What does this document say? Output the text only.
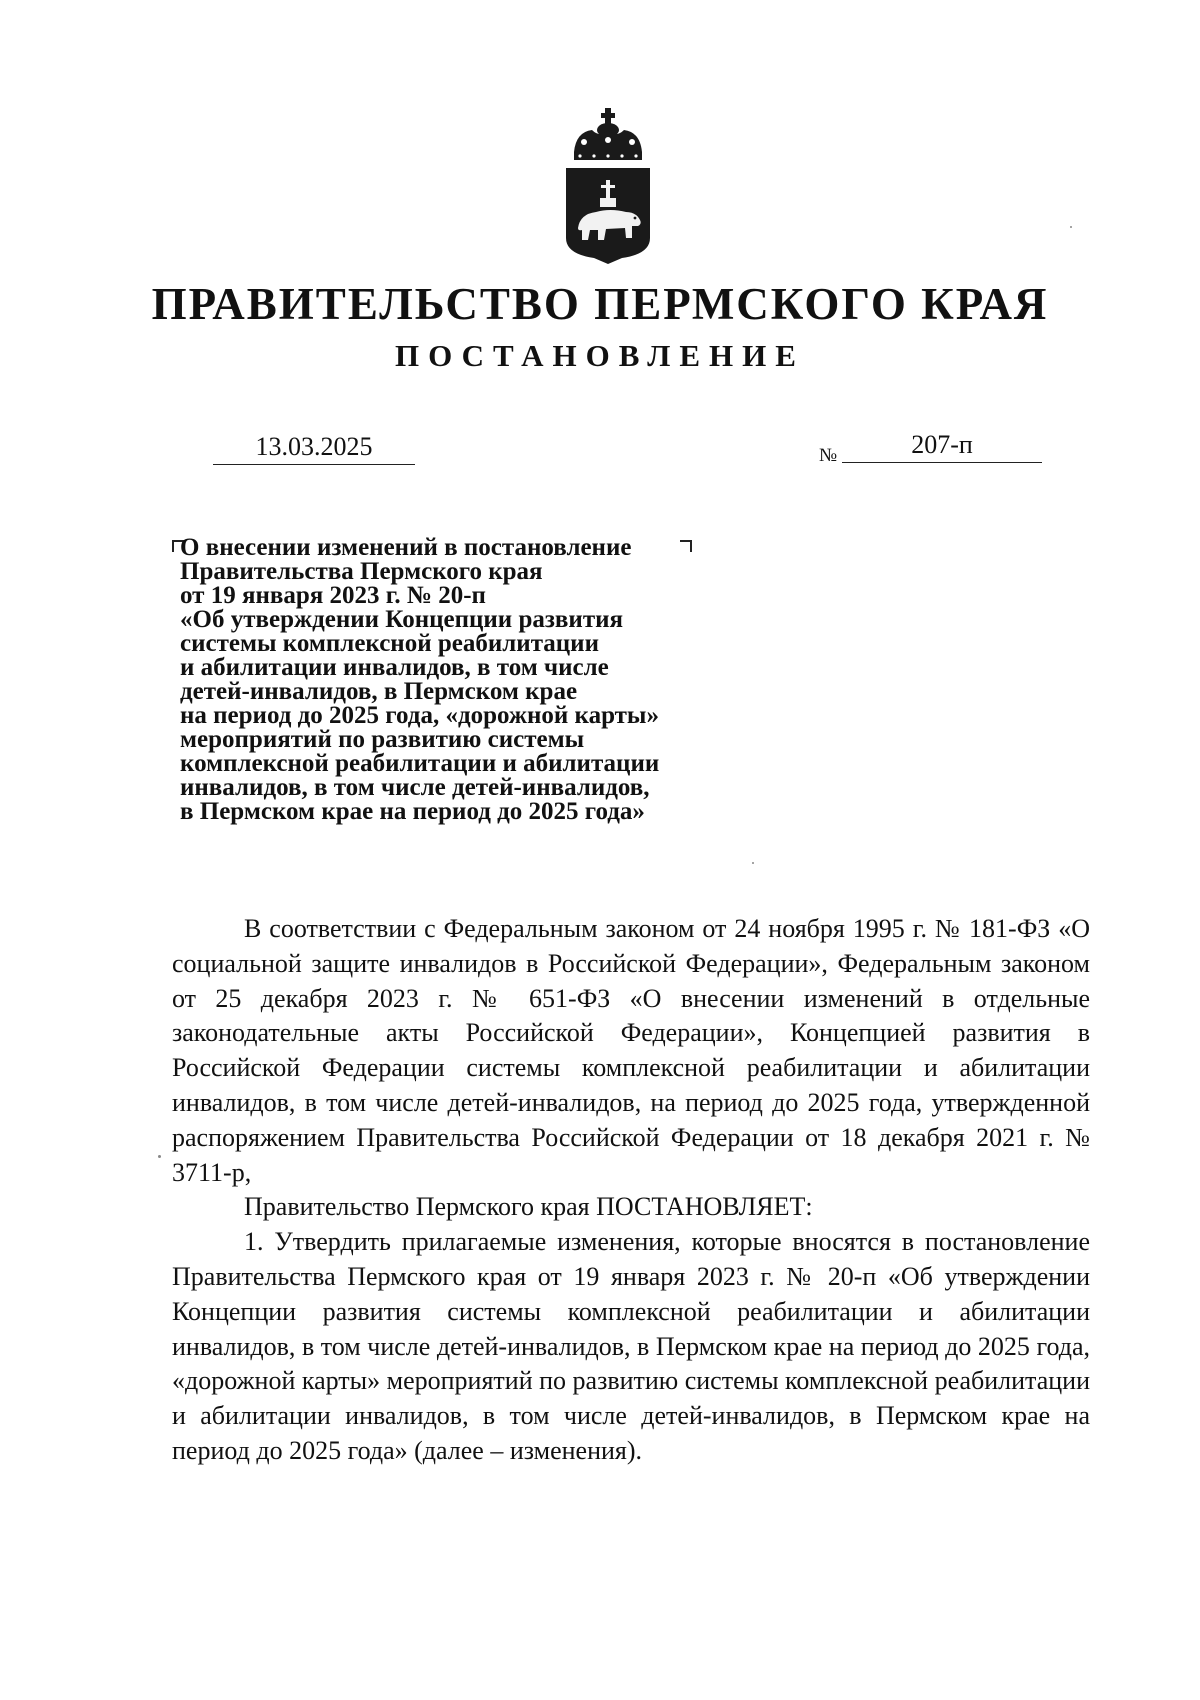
ПРАВИТЕЛЬСТВО ПЕРМСКОГО КРАЯ
ПОСТАНОВЛЕНИЕ
13.03.2025	№	207-п
О внесении изменений в постановление
Правительства Пермского края
от 19 января 2023 г. № 20-п
«Об утверждении Концепции развития
системы комплексной реабилитации
и абилитации инвалидов, в том числе
детей-инвалидов, в Пермском крае
на период до 2025 года, «дорожной карты»
мероприятий по развитию системы
комплексной реабилитации и абилитации
инвалидов, в том числе детей-инвалидов,
в Пермском крае на период до 2025 года»

В соответствии с Федеральным законом от 24 ноября 1995 г. № 181-ФЗ «О социальной защите инвалидов в Российской Федерации», Федеральным законом от 25 декабря 2023 г. № 651-ФЗ «О внесении изменений в отдельные законодательные акты Российской Федерации», Концепцией развития в Российской Федерации системы комплексной реабилитации и абилитации инвалидов, в том числе детей-инвалидов, на период до 2025 года, утвержденной распоряжением Правительства Российской Федерации от 18 декабря 2021 г. № 3711-р,

Правительство Пермского края ПОСТАНОВЛЯЕТ:

1. Утвердить прилагаемые изменения, которые вносятся в постановление Правительства Пермского края от 19 января 2023 г. № 20-п «Об утверждении Концепции развития системы комплексной реабилитации и абилитации инвалидов, в том числе детей-инвалидов, в Пермском крае на период до 2025 года, «дорожной карты» мероприятий по развитию системы комплексной реабилитации и абилитации инвалидов, в том числе детей-инвалидов, в Пермском крае на период до 2025 года» (далее – изменения).
